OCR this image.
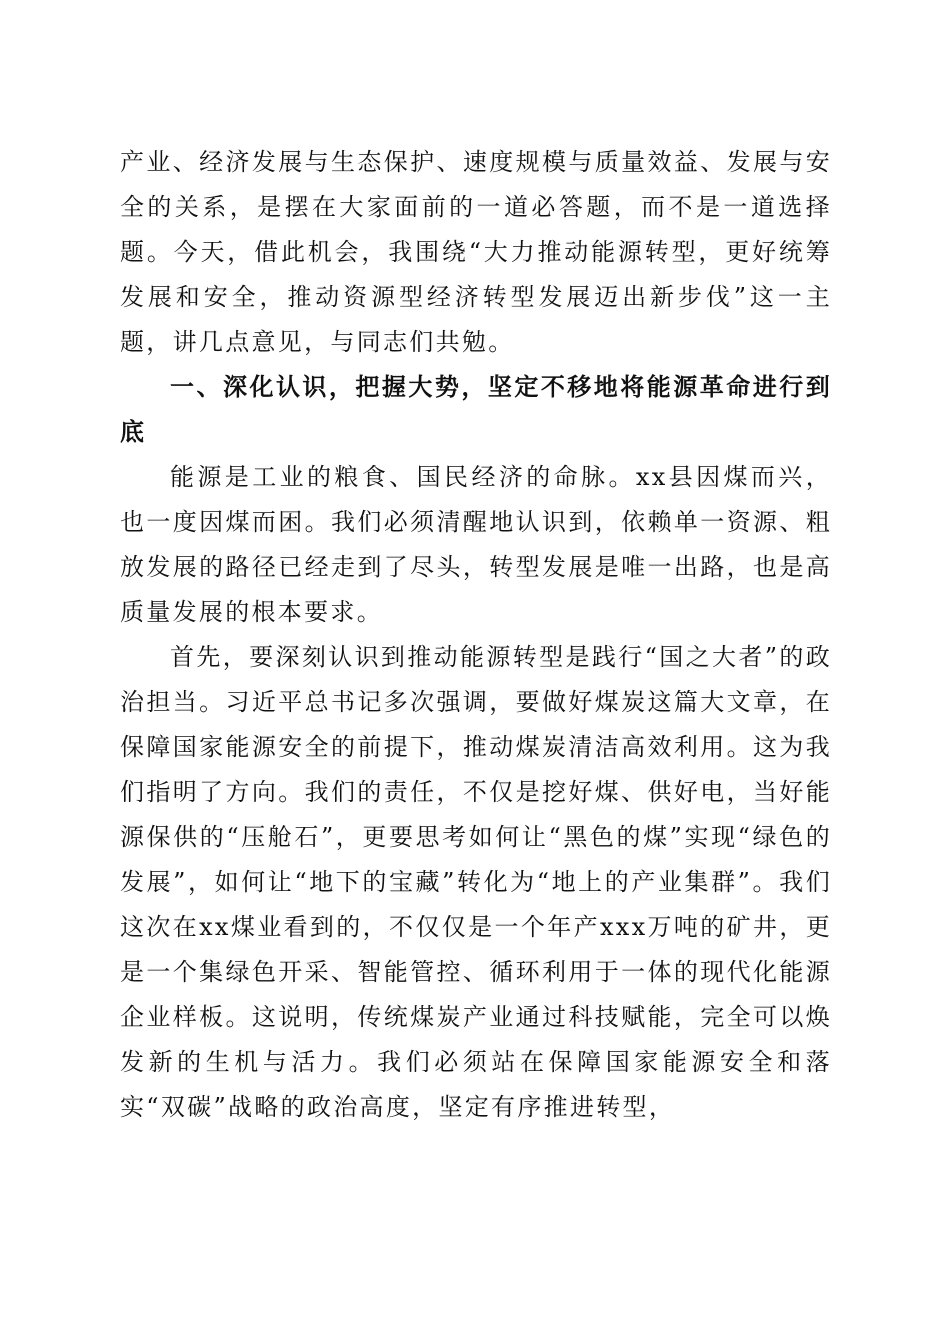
产业、经济发展与生态保护、速度规模与质量效益、发展与安全的关系，是摆在大家面前的一道必答题，而不是一道选择题。今天，借此机会，我围绕“大力推动能源转型，更好统筹发展和安全，推动资源型经济转型发展迈出新步伐”这一主题，讲几点意见，与同志们共勉。

一、深化认识，把握大势，坚定不移地将能源革命进行到底

能源是工业的粮食、国民经济的命脉。xx县因煤而兴，也一度因煤而困。我们必须清醒地认识到，依赖单一资源、粗放发展的路径已经走到了尽头，转型发展是唯一出路，也是高质量发展的根本要求。

首先，要深刻认识到推动能源转型是践行“国之大者”的政治担当。习近平总书记多次强调，要做好煤炭这篇大文章，在保障国家能源安全的前提下，推动煤炭清洁高效利用。这为我们指明了方向。我们的责任，不仅是挖好煤、供好电，当好能源保供的“压舱石”，更要思考如何让“黑色的煤”实现“绿色的发展”，如何让“地下的宝藏”转化为“地上的产业集群”。我们这次在xx煤业看到的，不仅仅是一个年产xxx万吨的矿井，更是一个集绿色开采、智能管控、循环利用于一体的现代化能源企业样板。这说明，传统煤炭产业通过科技赋能，完全可以焕发新的生机与活力。我们必须站在保障国家能源安全和落实“双碳”战略的政治高度，坚定有序推进转型，
